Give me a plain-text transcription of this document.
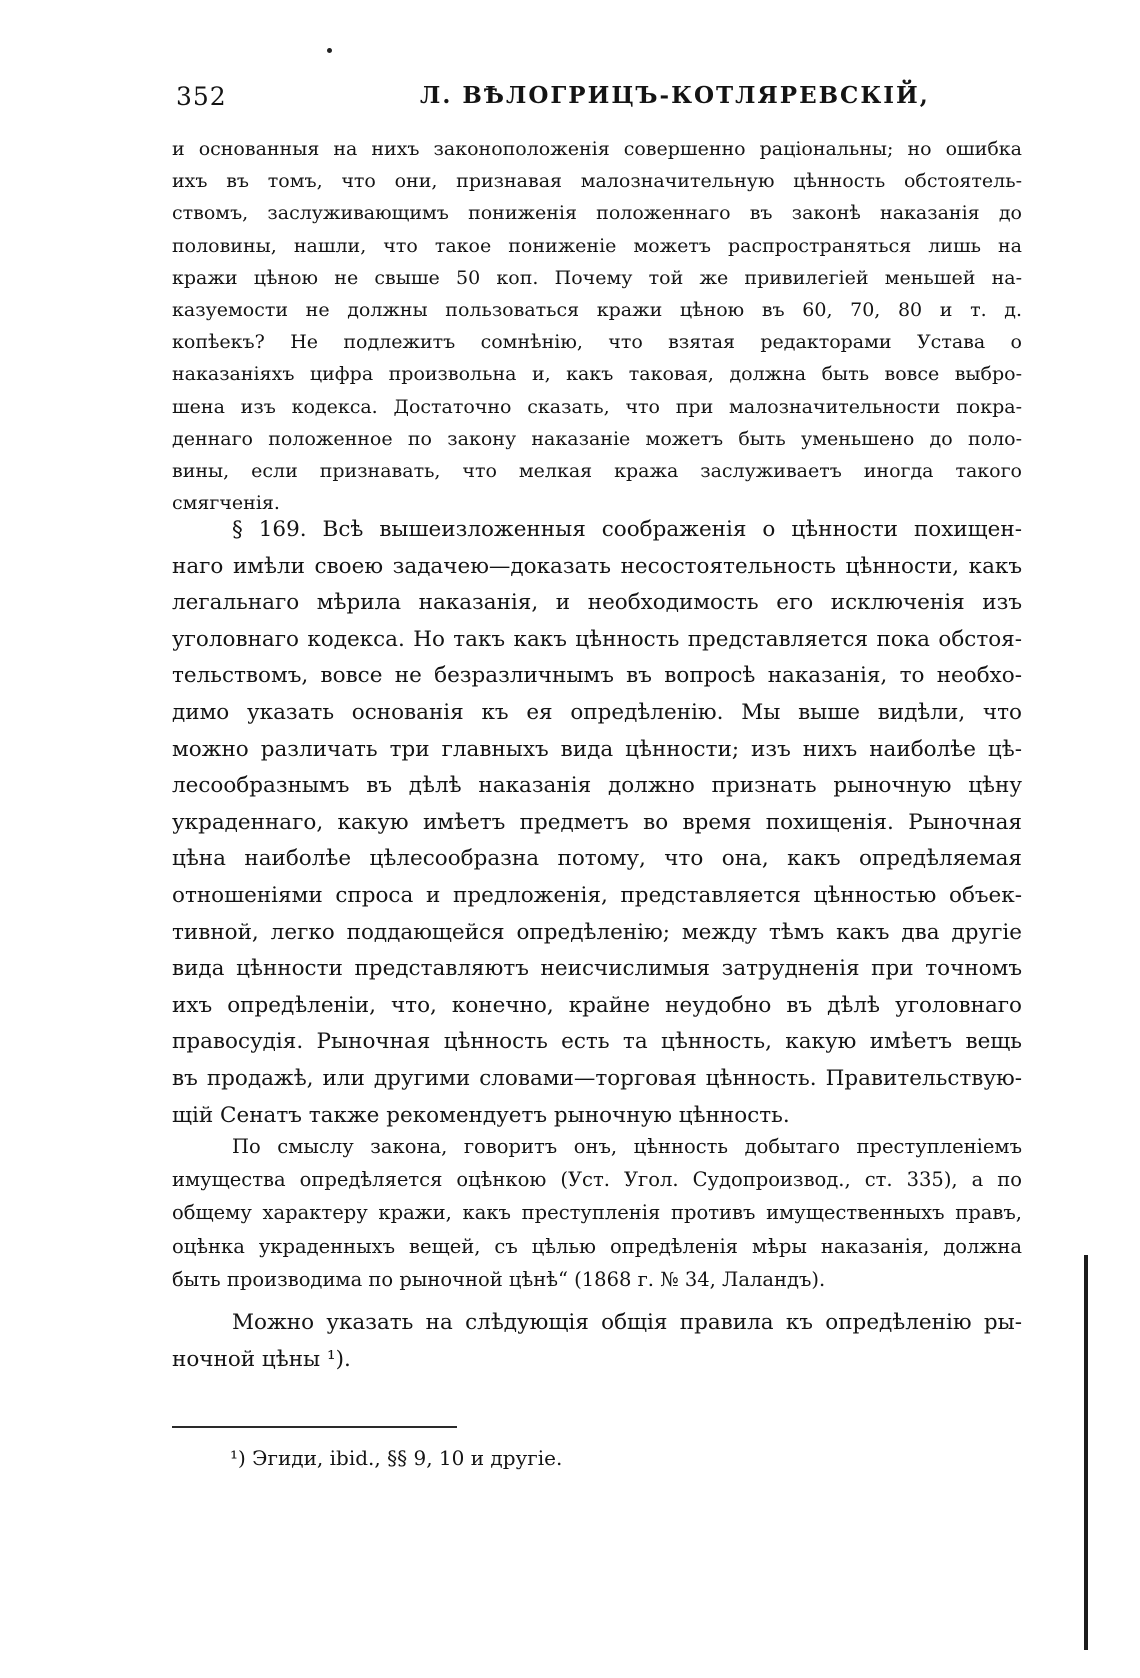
352	Л. ВѢЛОГРИЦЪ-КОТЛЯРЕВСКІЙ,
и основанныя на нихъ законоположенія совершенно раціональны; но ошибка
ихъ въ томъ, что они, признавая малозначительную цѣнность обстоятель-
ствомъ, заслуживающимъ пониженія положеннаго въ законѣ наказанія до
половины, нашли, что такое пониженіе можетъ распространяться лишь на
кражи цѣною не свыше 50 коп. Почему той же привилегіей меньшей на-
казуемости не должны пользоваться кражи цѣною въ 60, 70, 80 и т. д.
копѣекъ? Не подлежитъ сомнѣнію, что взятая редакторами Устава о
наказаніяхъ цифра произвольна и, какъ таковая, должна быть вовсе выбро-
шена изъ кодекса. Достаточно сказать, что при малозначительности покра-
деннаго положенное по закону наказаніе можетъ быть уменьшено до поло-
вины, если признавать, что мелкая кража заслуживаетъ иногда такого
смягченія.
§ 169. Всѣ вышеизложенныя соображенія о цѣнности похищен-
наго имѣли своею задачею—доказать несостоятельность цѣнности, какъ
легальнаго мѣрила наказанія, и необходимость его исключенія изъ
уголовнаго кодекса. Но такъ какъ цѣнность представляется пока обстоя-
тельствомъ, вовсе не безразличнымъ въ вопросѣ наказанія, то необхо-
димо указать основанія къ ея опредѣленію. Мы выше видѣли, что
можно различать три главныхъ вида цѣнности; изъ нихъ наиболѣе цѣ-
лесообразнымъ въ дѣлѣ наказанія должно признать рыночную цѣну
украденнаго, какую имѣетъ предметъ во время похищенія. Рыночная
цѣна наиболѣе цѣлесообразна потому, что она, какъ опредѣляемая
отношеніями спроса и предложенія, представляется цѣнностью объек-
тивной, легко поддающейся опредѣленію; между тѣмъ какъ два другіе
вида цѣнности представляютъ неисчислимыя затрудненія при точномъ
ихъ опредѣленіи, что, конечно, крайне неудобно въ дѣлѣ уголовнаго
правосудія. Рыночная цѣнность есть та цѣнность, какую имѣетъ вещь
въ продажѣ, или другими словами—торговая цѣнность. Правительствую-
щій Сенатъ также рекомендуетъ рыночную цѣнность.
По смыслу закона, говоритъ онъ, цѣнность добытаго преступленіемъ
имущества опредѣляется оцѣнкою (Уст. Угол. Судопроизвод., ст. 335), а по
общему характеру кражи, какъ преступленія противъ имущественныхъ правъ,
оцѣнка украденныхъ вещей, съ цѣлью опредѣленія мѣры наказанія, должна
быть производима по рыночной цѣнѣ“ (1868 г. № 34, Лаландъ).
Можно указать на слѣдующія общія правила къ опредѣленію ры-
ночной цѣны ¹).
¹) Эгиди, ibid., §§ 9, 10 и другіе.
